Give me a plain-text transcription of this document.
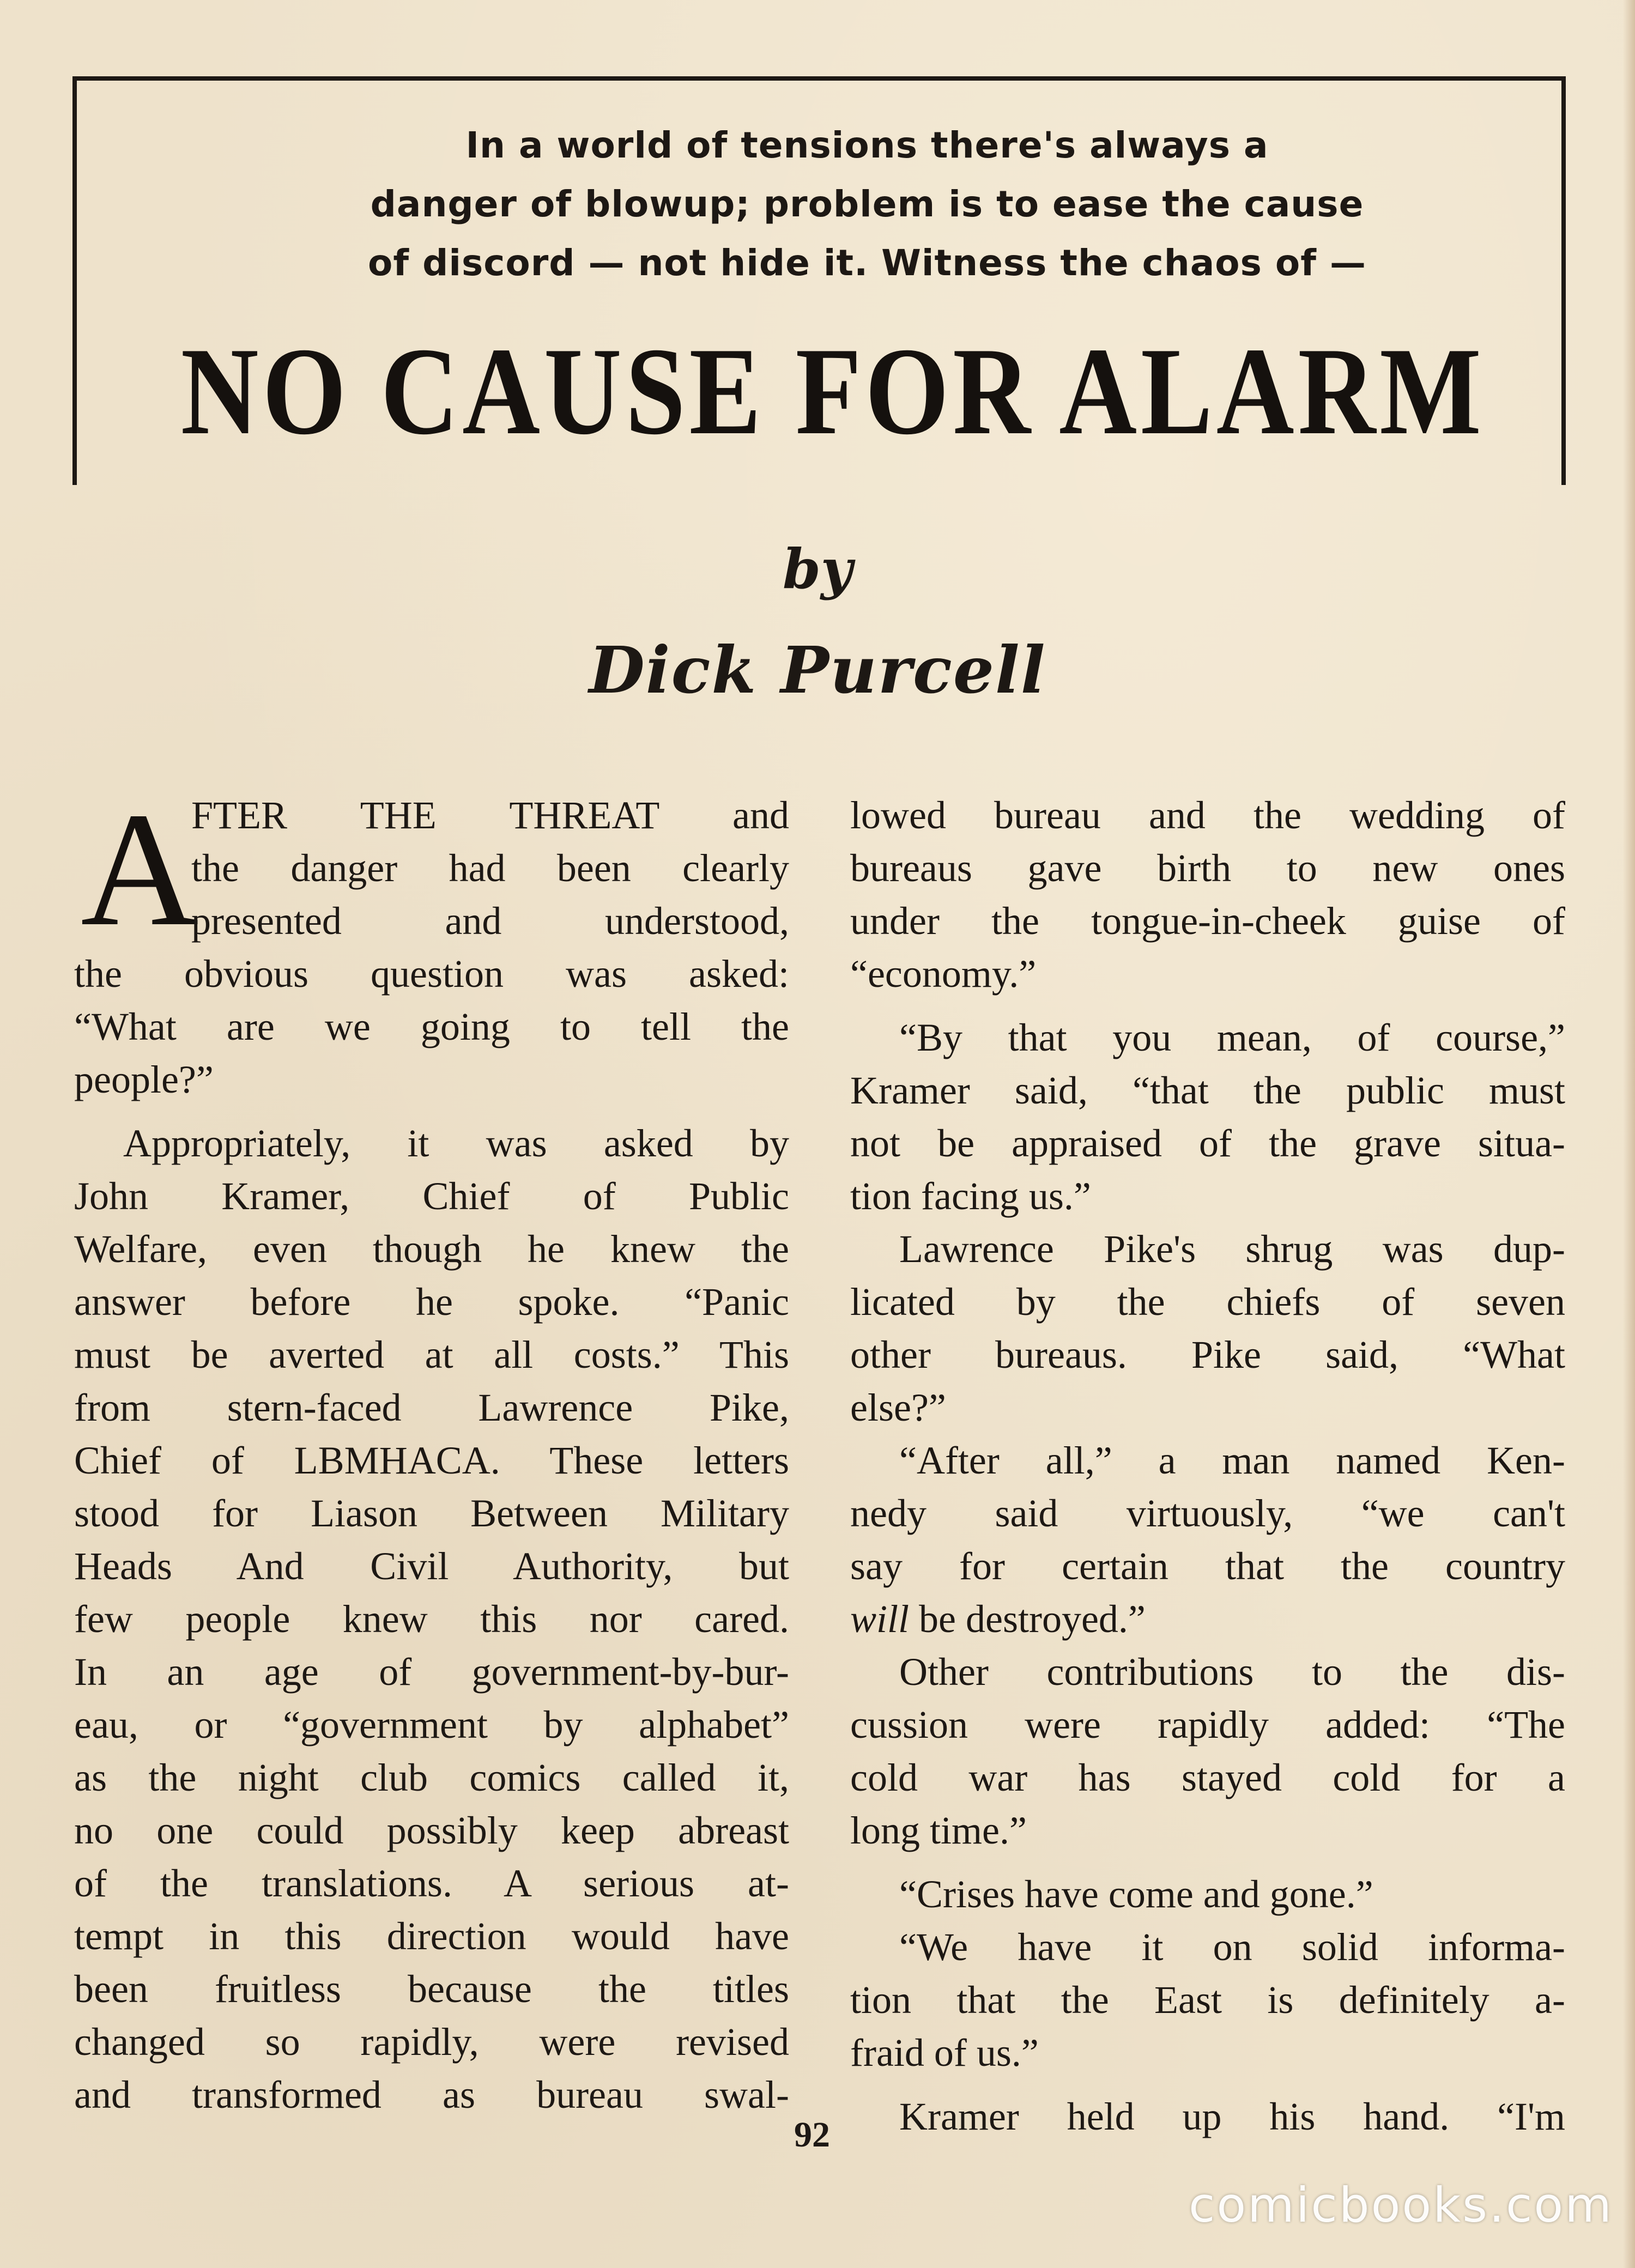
In a world of tensions there's always a
danger of blowup; problem is to ease the cause
of discord — not hide it. Witness the chaos of —
NO CAUSE FOR ALARM
by
Dick Purcell
A
FTER THE THREAT and
the danger had been clearly
presented and understood,
the obvious question was asked:
“What are we going to tell the
people?”
Appropriately, it was asked by
John Kramer, Chief of Public
Welfare, even though he knew the
answer before he spoke. “Panic
must be averted at all costs.” This
from stern-faced Lawrence Pike,
Chief of LBMHACA. These letters
stood for Liason Between Military
Heads And Civil Authority, but
few people knew this nor cared.
In an age of government-by-bur-
eau, or “government by alphabet”
as the night club comics called it,
no one could possibly keep abreast
of the translations. A serious at-
tempt in this direction would have
been fruitless because the titles
changed so rapidly, were revised
and transformed as bureau swal-
lowed bureau and the wedding of
bureaus gave birth to new ones
under the tongue-in-cheek guise of
“economy.”
“By that you mean, of course,”
Kramer said, “that the public must
not be appraised of the grave situa-
tion facing us.”
Lawrence Pike's shrug was dup-
licated by the chiefs of seven
other bureaus. Pike said, “What
else?”
“After all,” a man named Ken-
nedy said virtuously, “we can't
say for certain that the country
will be destroyed.”
Other contributions to the dis-
cussion were rapidly added: “The
cold war has stayed cold for a
long time.”
“Crises have come and gone.”
“We have it on solid informa-
tion that the East is definitely a-
fraid of us.”
Kramer held up his hand. “I'm
92
comicbooks.com
